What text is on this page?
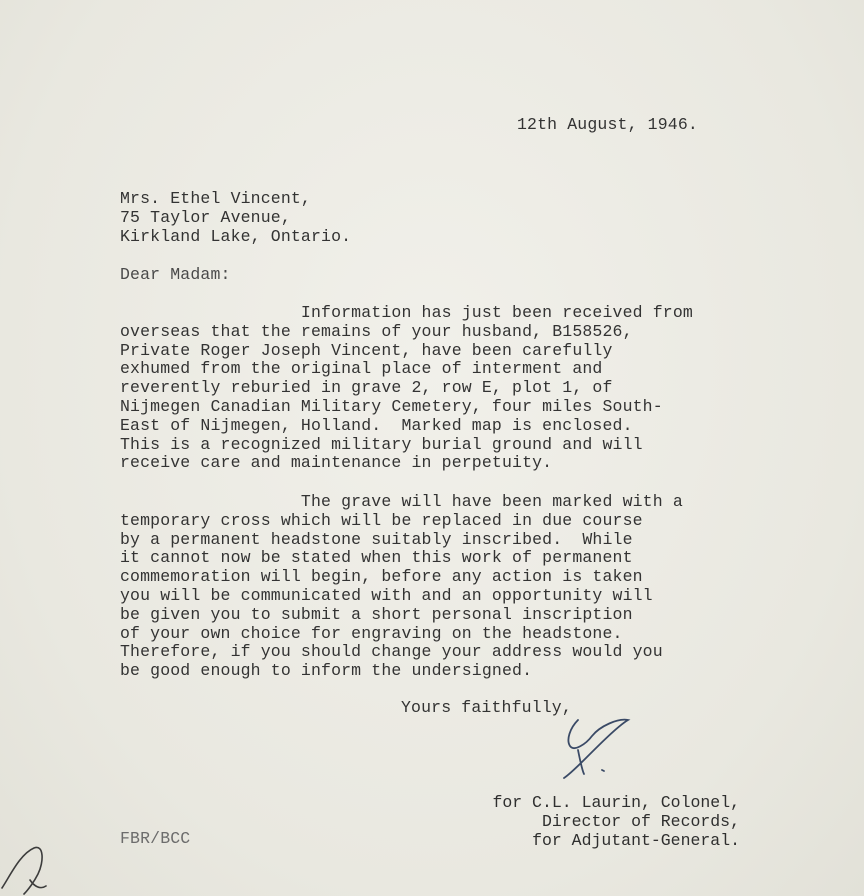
12th August, 1946.
Mrs. Ethel Vincent,
75 Taylor Avenue,
Kirkland Lake, Ontario.
Dear Madam:
Information has just been received from
overseas that the remains of your husband, B158526,
Private Roger Joseph Vincent, have been carefully
exhumed from the original place of interment and
reverently reburied in grave 2, row E, plot 1, of
Nijmegen Canadian Military Cemetery, four miles South-
East of Nijmegen, Holland.  Marked map is enclosed.
This is a recognized military burial ground and will
receive care and maintenance in perpetuity.
The grave will have been marked with a
temporary cross which will be replaced in due course
by a permanent headstone suitably inscribed.  While
it cannot now be stated when this work of permanent
commemoration will begin, before any action is taken
you will be communicated with and an opportunity will
be given you to submit a short personal inscription
of your own choice for engraving on the headstone.
Therefore, if you should change your address would you
be good enough to inform the undersigned.
Yours faithfully,
for C.L. Laurin, Colonel,
Director of Records,
for Adjutant-General.
FBR/BCC
